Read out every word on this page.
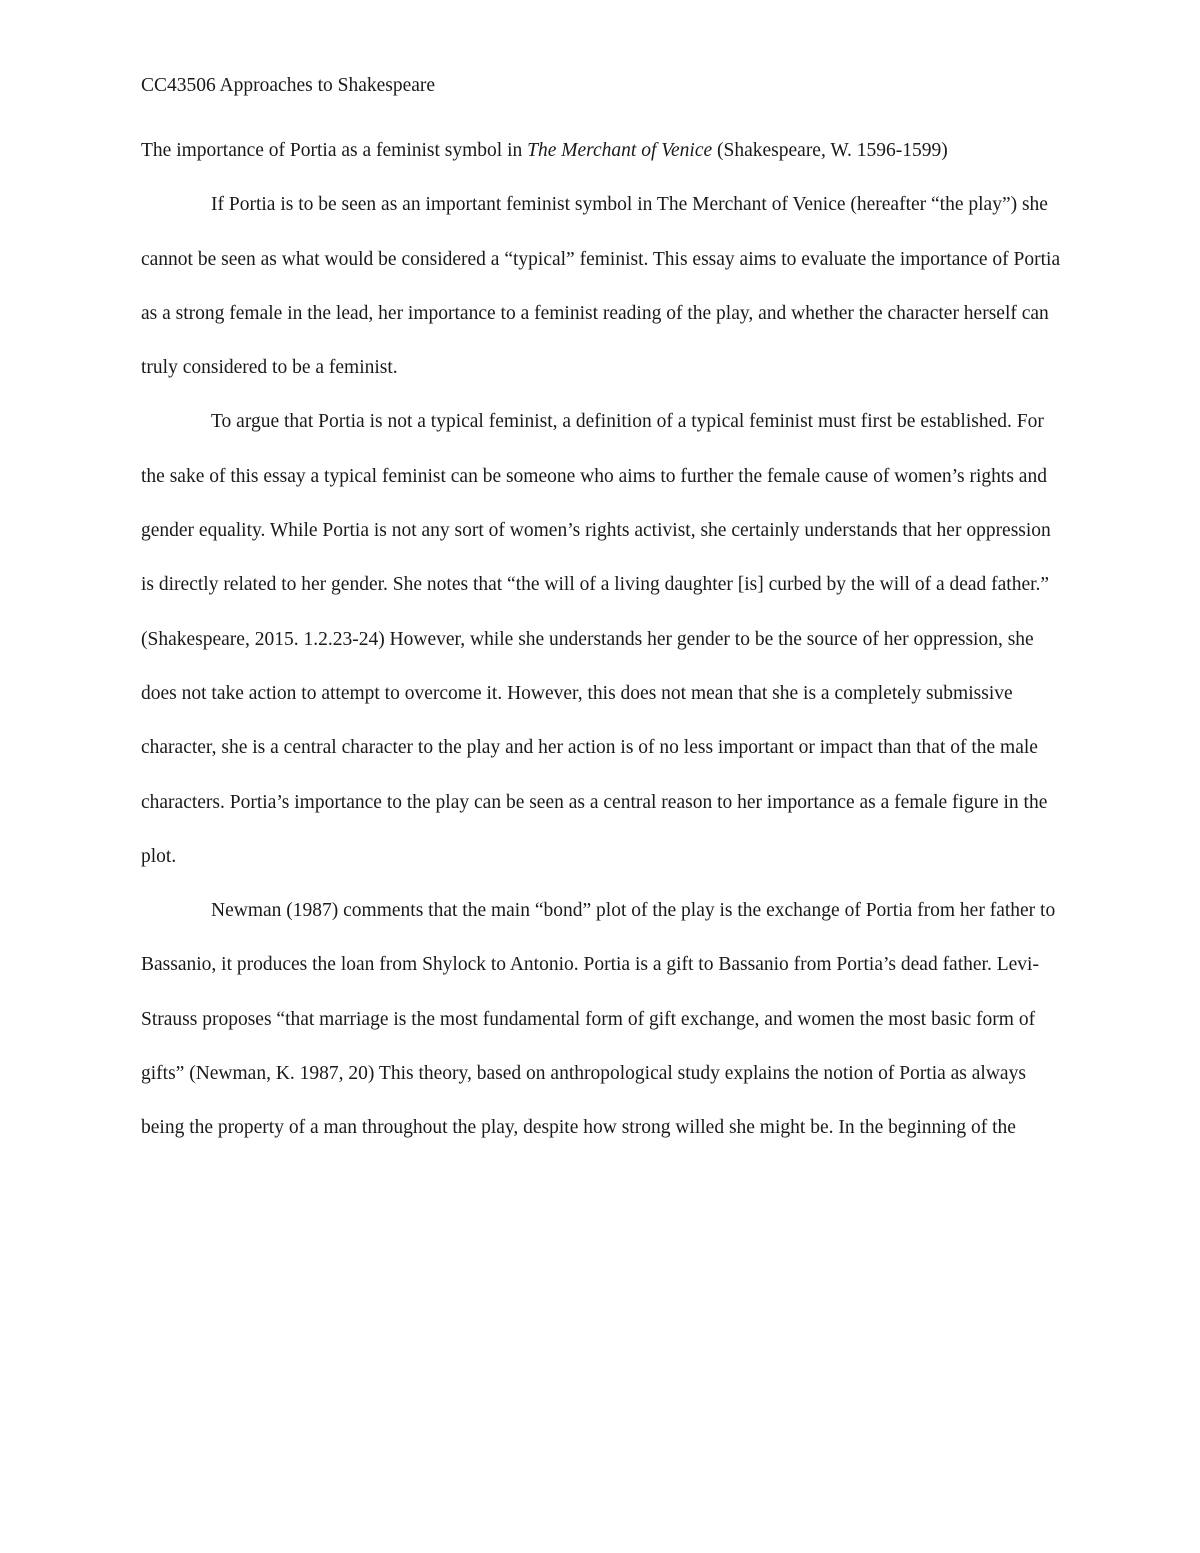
CC43506 Approaches to Shakespeare

The importance of Portia as a feminist symbol in The Merchant of Venice (Shakespeare, W. 1596-1599)

If Portia is to be seen as an important feminist symbol in The Merchant of Venice (hereafter “the play”) she cannot be seen as what would be considered a “typical” feminist. This essay aims to evaluate the importance of Portia as a strong female in the lead, her importance to a feminist reading of the play, and whether the character herself can truly considered to be a feminist.

To argue that Portia is not a typical feminist, a definition of a typical feminist must first be established. For the sake of this essay a typical feminist can be someone who aims to further the female cause of women’s rights and gender equality. While Portia is not any sort of women’s rights activist, she certainly understands that her oppression is directly related to her gender. She notes that “the will of a living daughter [is] curbed by the will of a dead father.” (Shakespeare, 2015. 1.2.23-24) However, while she understands her gender to be the source of her oppression, she does not take action to attempt to overcome it. However, this does not mean that she is a completely submissive character, she is a central character to the play and her action is of no less important or impact than that of the male characters. Portia’s importance to the play can be seen as a central reason to her importance as a female figure in the plot.

Newman (1987) comments that the main “bond” plot of the play is the exchange of Portia from her father to Bassanio, it produces the loan from Shylock to Antonio. Portia is a gift to Bassanio from Portia’s dead father. Levi-Strauss proposes “that marriage is the most fundamental form of gift exchange, and women the most basic form of gifts” (Newman, K. 1987, 20) This theory, based on anthropological study explains the notion of Portia as always being the property of a man throughout the play, despite how strong willed she might be. In the beginning of the
